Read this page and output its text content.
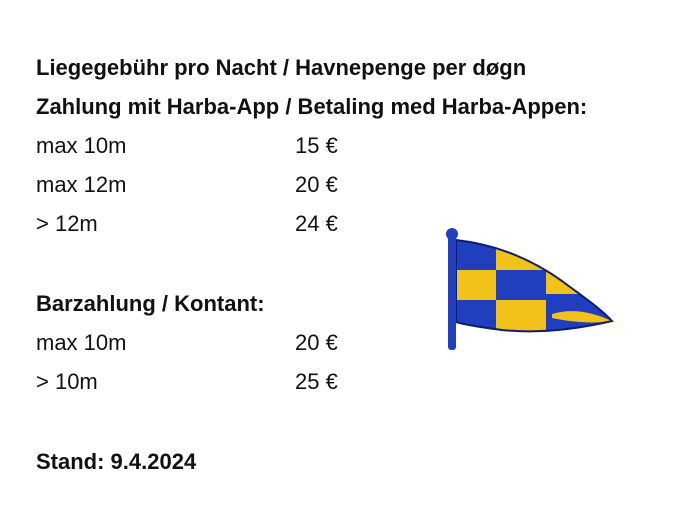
Liegegebühr pro Nacht / Havnepenge per døgn
Zahlung mit Harba-App / Betaling med Harba-Appen:
max 10m	15 €
max 12m	20 €
> 12m	24 €
Barzahlung / Kontant:
max 10m	20 €
> 10m	25 €
Stand: 9.4.2024
